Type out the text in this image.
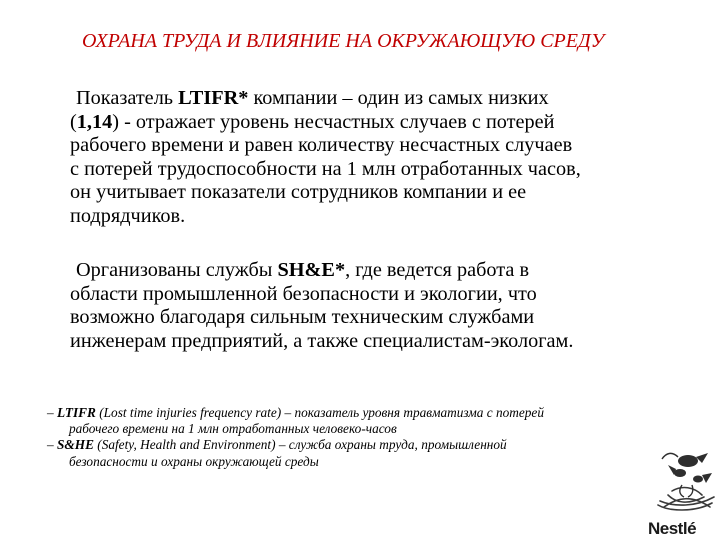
ОХРАНА ТРУДА И ВЛИЯНИЕ НА ОКРУЖАЮЩУЮ СРЕДУ
Показатель LTIFR* компании – один из самых низких
(1,14) - отражает уровень несчастных случаев с потерей
рабочего времени и равен количеству несчастных случаев
с потерей трудоспособности на 1 млн отработанных часов,
он учитывает показатели сотрудников компании и ее
подрядчиков.
Организованы службы SH&E*, где ведется работа в
области промышленной безопасности и экологии, что
возможно благодаря сильным техническим службами
инженерам предприятий, а также специалистам-экологам.
– LTIFR (Lost time injuries frequency rate) – показатель уровня травматизма с потерей
рабочего времени на 1 млн отработанных человеко-часов
– S&HE (Safety, Health and Environment) – служба охраны труда, промышленной
безопасности и охраны окружающей среды
Nestlé
